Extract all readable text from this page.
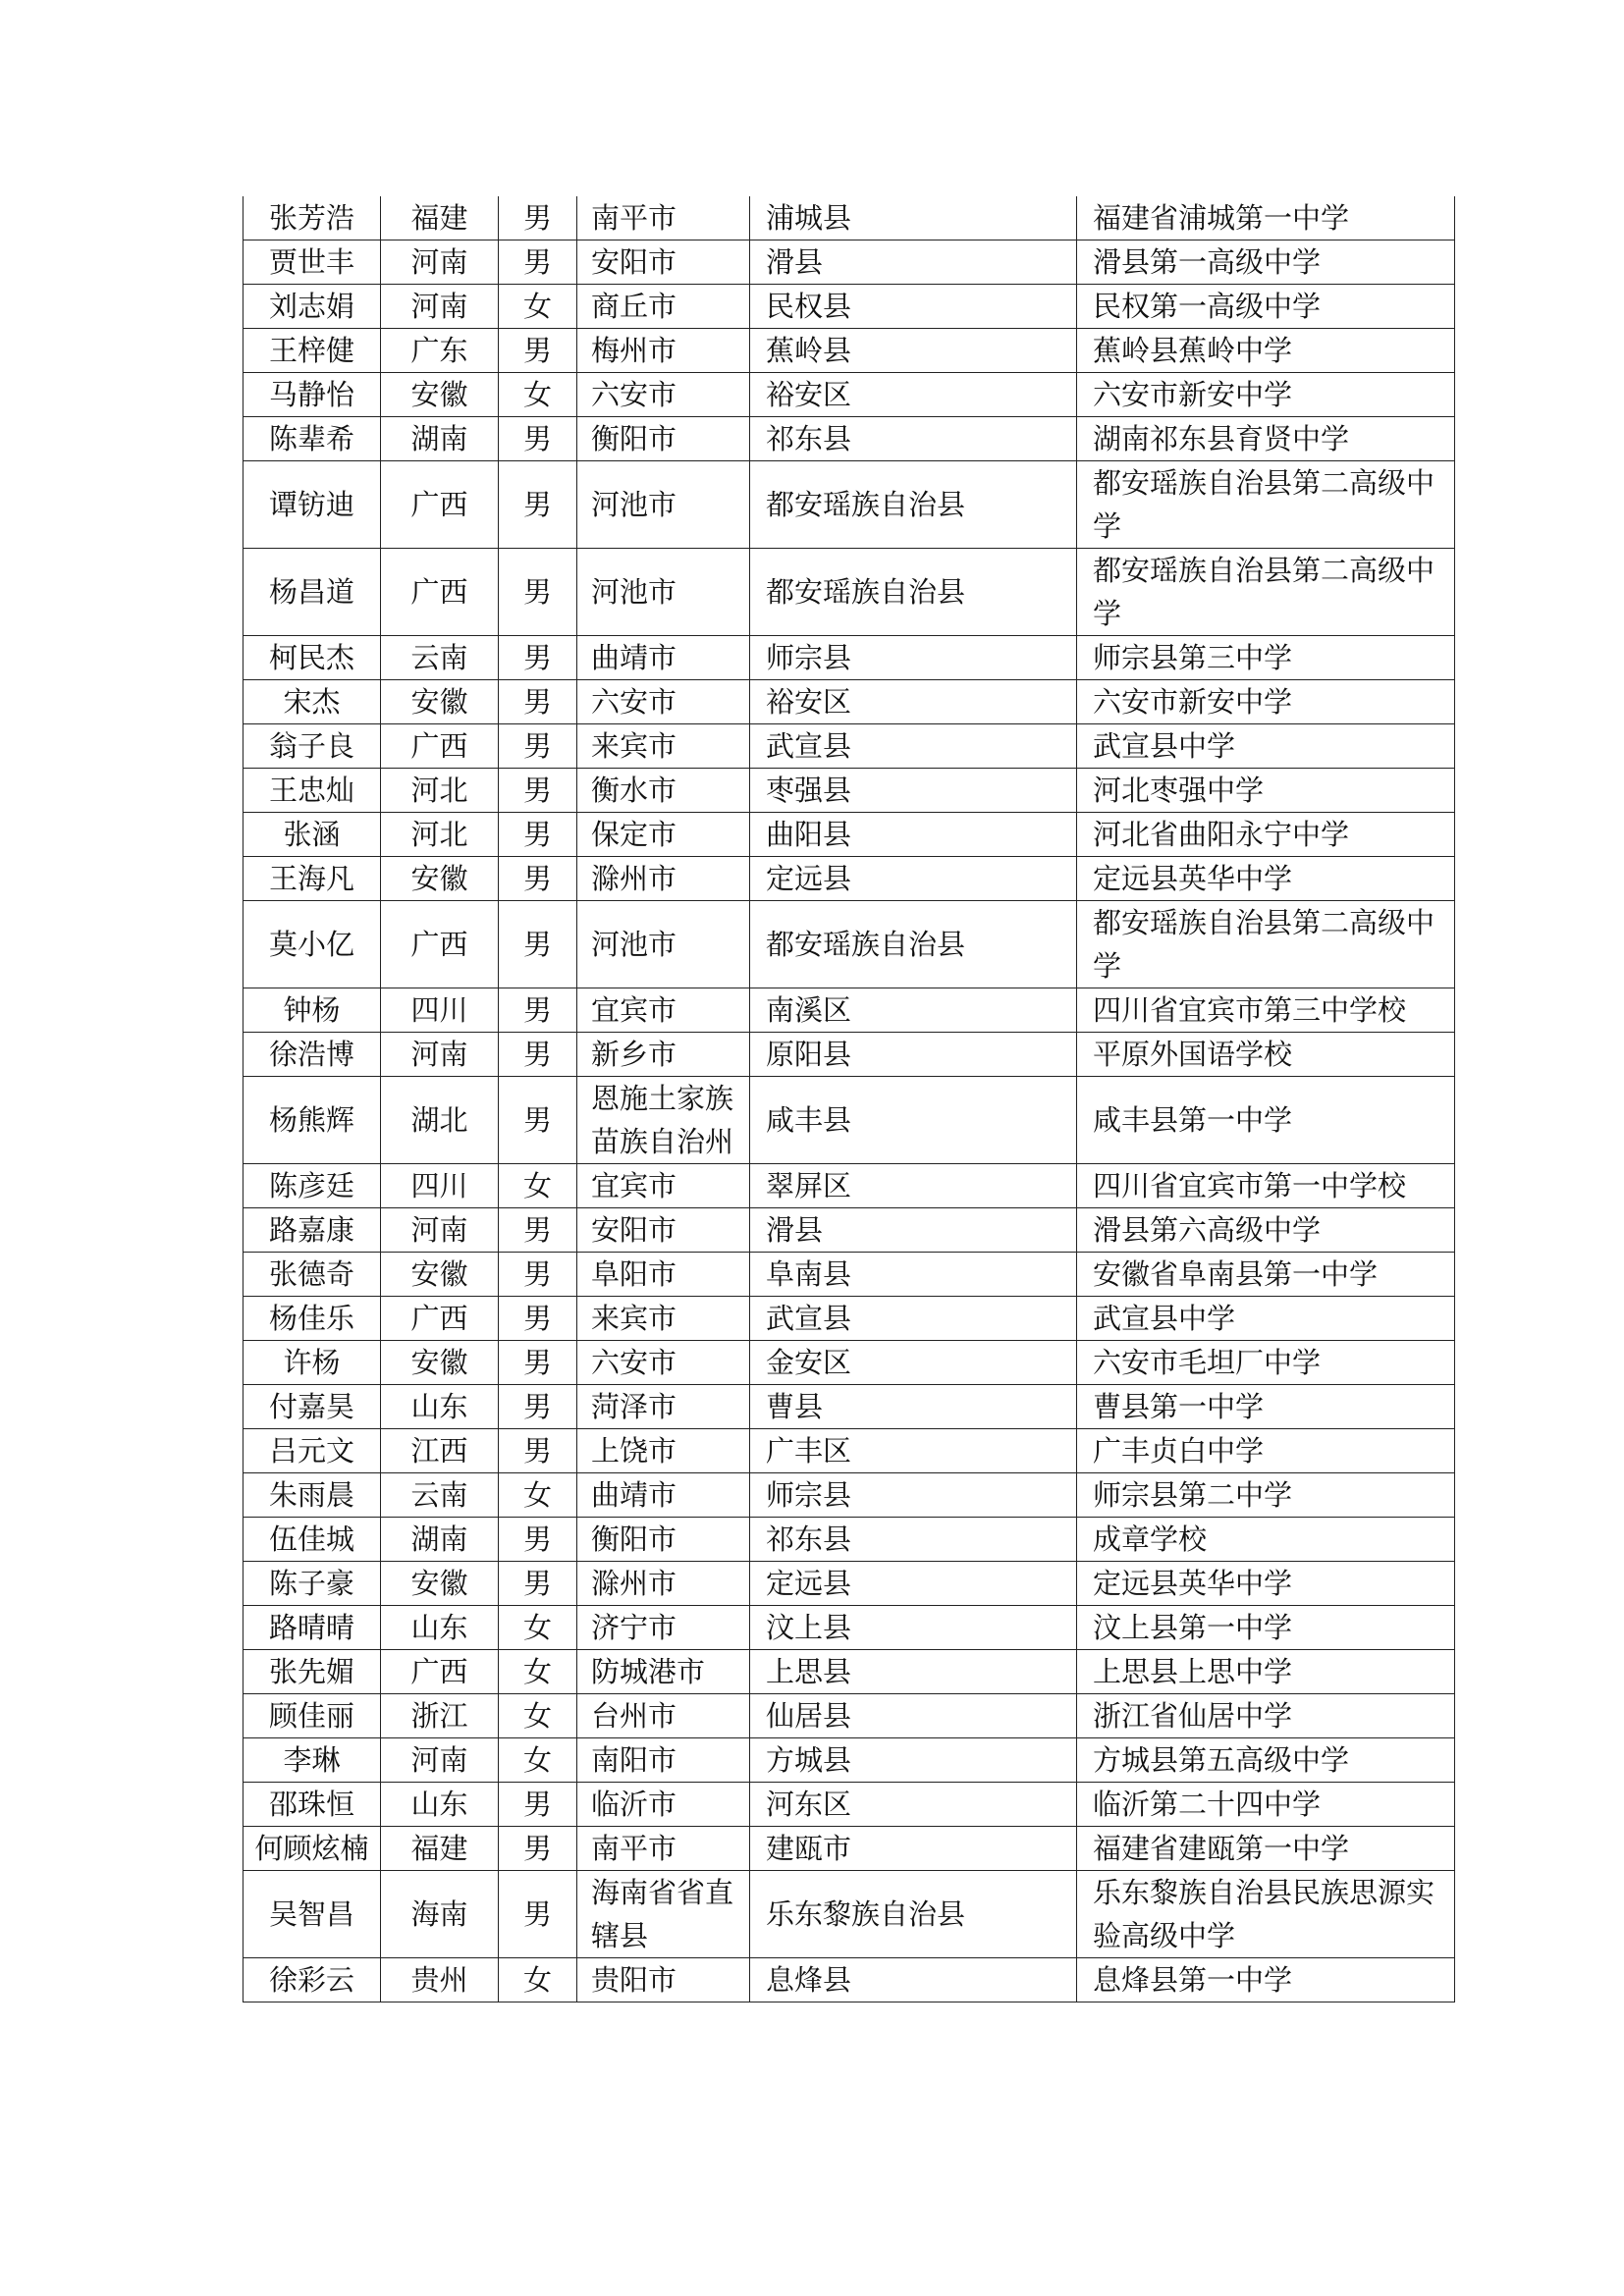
张芳浩	福建	男	南平市	浦城县	福建省浦城第一中学
贾世丰	河南	男	安阳市	滑县	滑县第一高级中学
刘志娟	河南	女	商丘市	民权县	民权第一高级中学
王梓健	广东	男	梅州市	蕉岭县	蕉岭县蕉岭中学
马静怡	安徽	女	六安市	裕安区	六安市新安中学
陈辈希	湖南	男	衡阳市	祁东县	湖南祁东县育贤中学
谭钫迪	广西	男	河池市	都安瑶族自治县	都安瑶族自治县第二高级中学
杨昌道	广西	男	河池市	都安瑶族自治县	都安瑶族自治县第二高级中学
柯民杰	云南	男	曲靖市	师宗县	师宗县第三中学
宋杰	安徽	男	六安市	裕安区	六安市新安中学
翁子良	广西	男	来宾市	武宣县	武宣县中学
王忠灿	河北	男	衡水市	枣强县	河北枣强中学
张涵	河北	男	保定市	曲阳县	河北省曲阳永宁中学
王海凡	安徽	男	滁州市	定远县	定远县英华中学
莫小亿	广西	男	河池市	都安瑶族自治县	都安瑶族自治县第二高级中学
钟杨	四川	男	宜宾市	南溪区	四川省宜宾市第三中学校
徐浩博	河南	男	新乡市	原阳县	平原外国语学校
杨熊辉	湖北	男	恩施土家族苗族自治州	咸丰县	咸丰县第一中学
陈彦廷	四川	女	宜宾市	翠屏区	四川省宜宾市第一中学校
路嘉康	河南	男	安阳市	滑县	滑县第六高级中学
张德奇	安徽	男	阜阳市	阜南县	安徽省阜南县第一中学
杨佳乐	广西	男	来宾市	武宣县	武宣县中学
许杨	安徽	男	六安市	金安区	六安市毛坦厂中学
付嘉昊	山东	男	菏泽市	曹县	曹县第一中学
吕元文	江西	男	上饶市	广丰区	广丰贞白中学
朱雨晨	云南	女	曲靖市	师宗县	师宗县第二中学
伍佳城	湖南	男	衡阳市	祁东县	成章学校
陈子豪	安徽	男	滁州市	定远县	定远县英华中学
路晴晴	山东	女	济宁市	汶上县	汶上县第一中学
张先媚	广西	女	防城港市	上思县	上思县上思中学
顾佳丽	浙江	女	台州市	仙居县	浙江省仙居中学
李琳	河南	女	南阳市	方城县	方城县第五高级中学
邵珠恒	山东	男	临沂市	河东区	临沂第二十四中学
何顾炫楠	福建	男	南平市	建瓯市	福建省建瓯第一中学
吴智昌	海南	男	海南省省直辖县	乐东黎族自治县	乐东黎族自治县民族思源实验高级中学
徐彩云	贵州	女	贵阳市	息烽县	息烽县第一中学
